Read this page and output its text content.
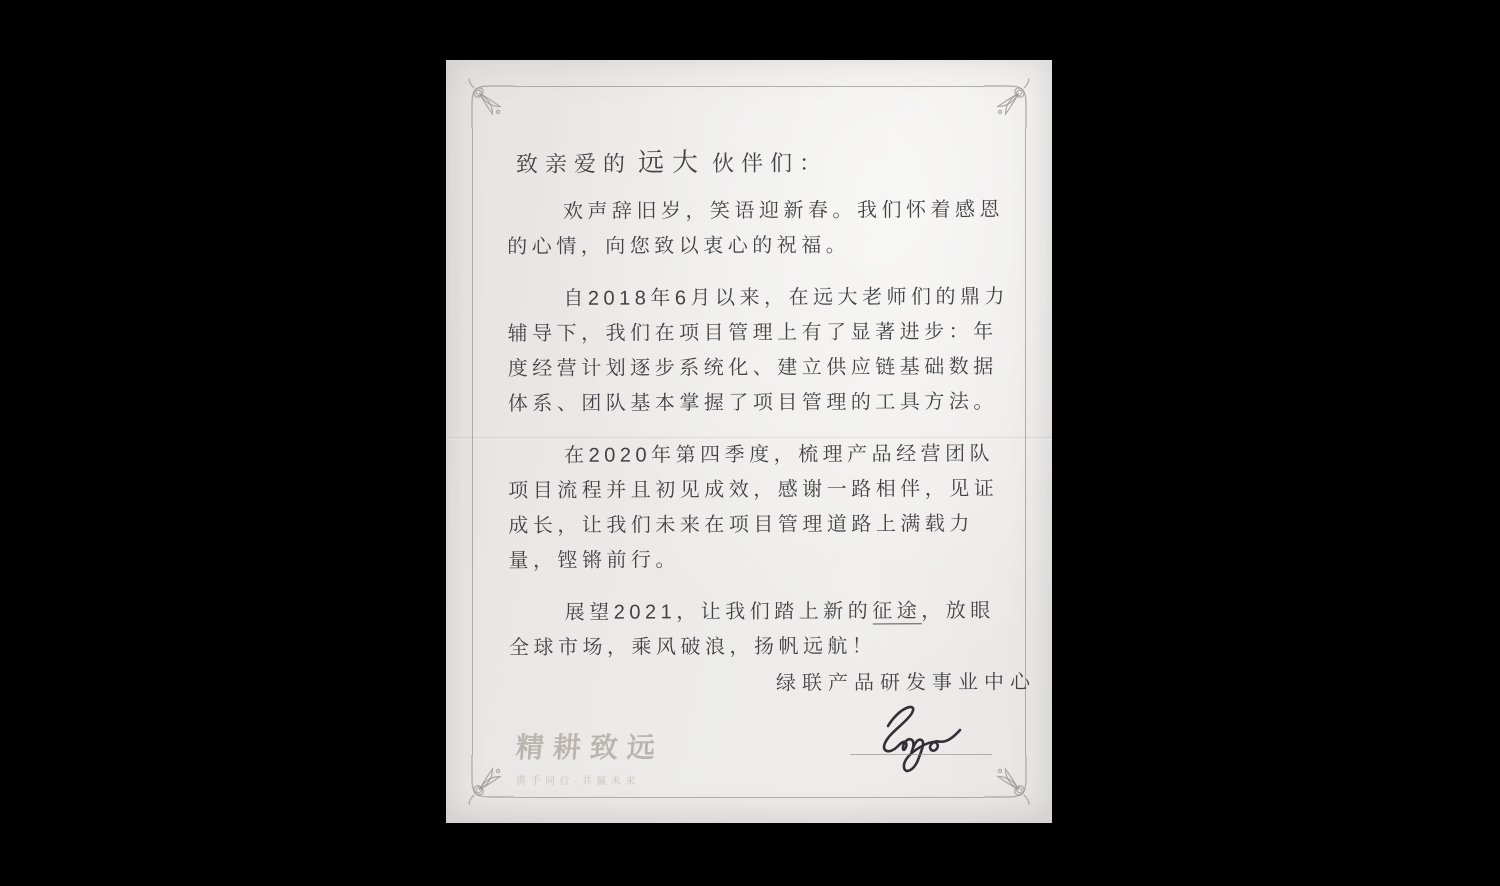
致亲爱的 远大 伙伴们：

欢声辞旧岁，笑语迎新春。我们怀着感恩的心情，向您致以衷心的祝福。

自2018年6月以来，在远大老师们的鼎力辅导下，我们在项目管理上有了显著进步：年度经营计划逐步系统化、建立供应链基础数据体系、团队基本掌握了项目管理的工具方法。

在2020年第四季度，梳理产品经营团队项目流程并且初见成效，感谢一路相伴，见证成长，让我们未来在项目管理道路上满载力量，铿锵前行。

展望2021，让我们踏上新的征途，放眼全球市场，乘风破浪，扬帆远航！

绿联产品研发事业中心
精耕致远
携手同行·共赢未来
